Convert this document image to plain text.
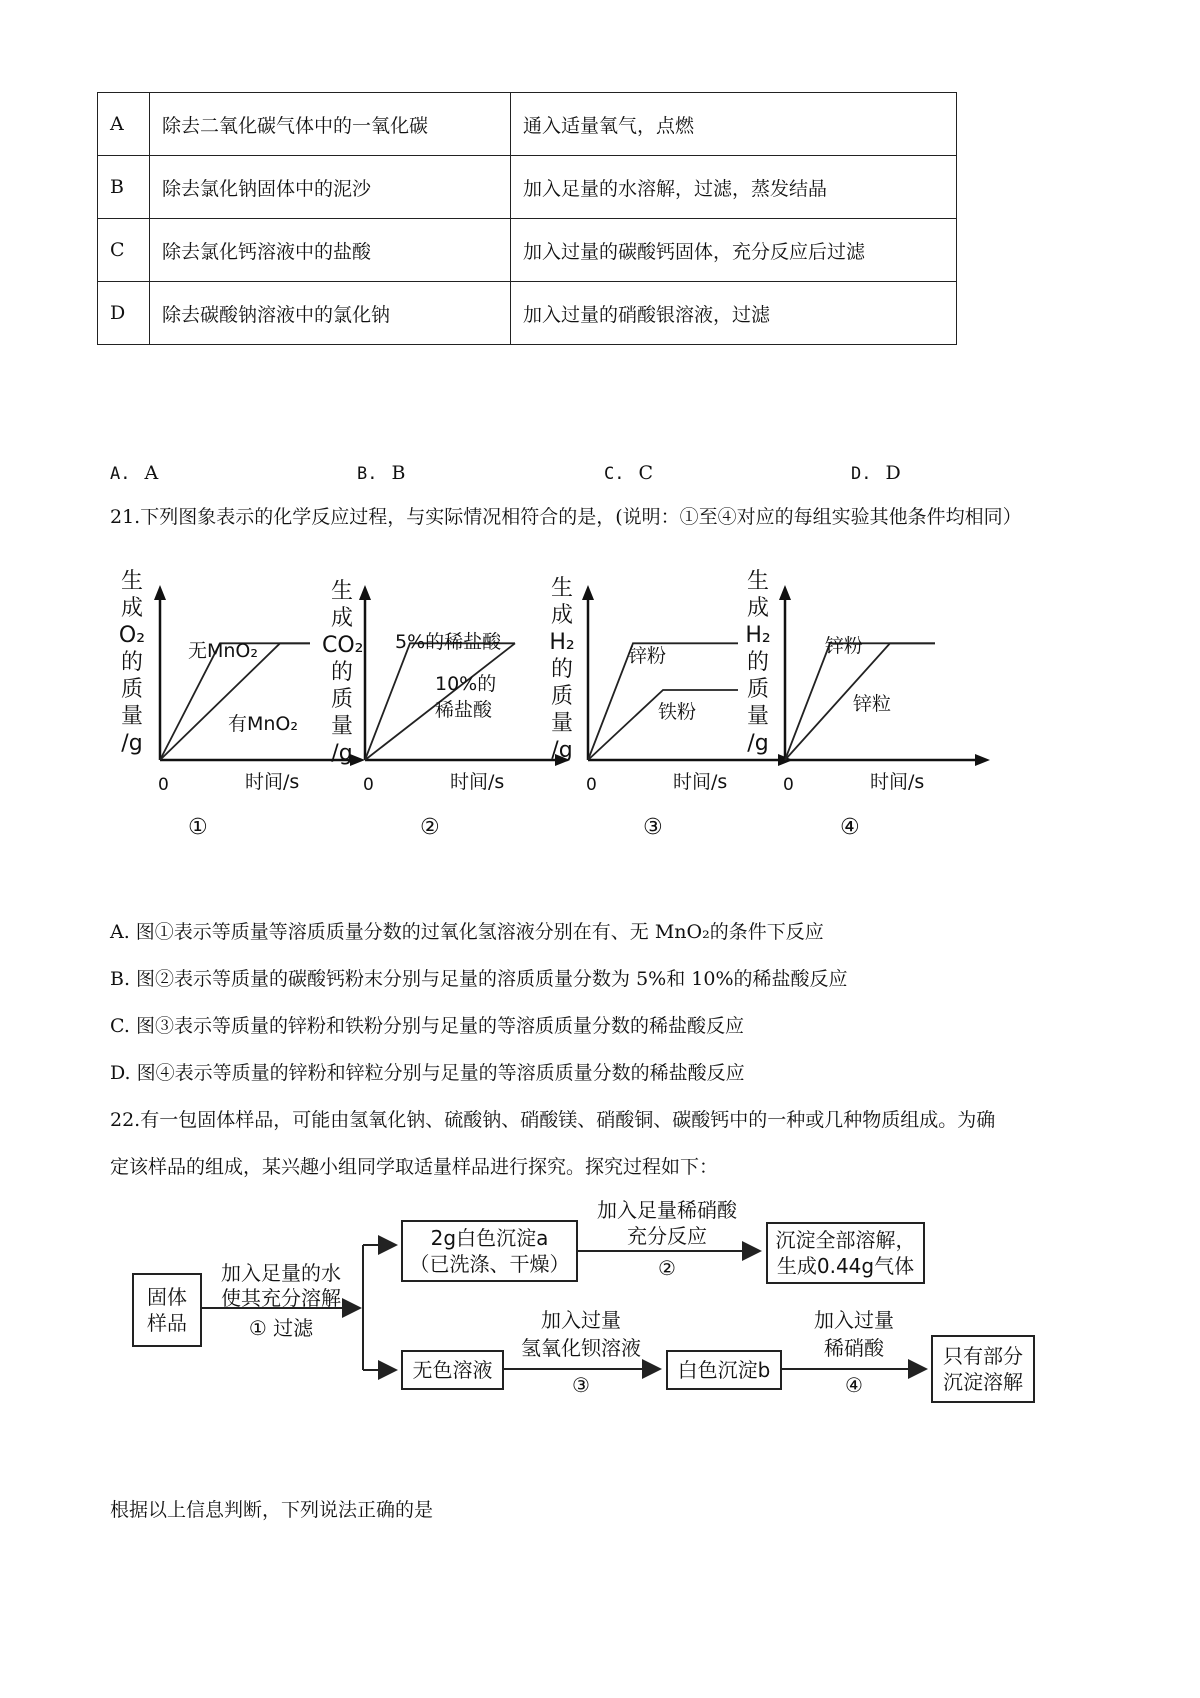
A	除去二氧化碳气体中的一氧化碳	通入适量氧气，点燃
B	除去氯化钠固体中的泥沙	加入足量的水溶解，过滤，蒸发结晶
C	除去氯化钙溶液中的盐酸	加入过量的碳酸钙固体，充分反应后过滤
D	除去碳酸钠溶液中的氯化钠	加入过量的硝酸银溶液，过滤
A. A	B. B	C. C	D. D
21.下列图象表示的化学反应过程，与实际情况相符合的是，(说明：①至④对应的每组实验其他条件均相同）
无MnO₂
有MnO₂
0	时间/s
生
成
O₂
的
质
量
/g
①
5%的稀盐酸
10%的
稀盐酸
0	时间/s
生
成
CO₂
的
质
量
/g
②
锌粉
铁粉
0	时间/s
生
成
H₂
的
质
量
/g
③
锌粉
锌粒
0	时间/s
生
成
H₂
的
质
量
/g
④
A. 图①表示等质量等溶质质量分数的过氧化氢溶液分别在有、无 MnO₂的条件下反应
B. 图②表示等质量的碳酸钙粉末分别与足量的溶质质量分数为 5%和 10%的稀盐酸反应
C. 图③表示等质量的锌粉和铁粉分别与足量的等溶质质量分数的稀盐酸反应
D. 图④表示等质量的锌粉和锌粒分别与足量的等溶质质量分数的稀盐酸反应
22.有一包固体样品，可能由氢氧化钠、硫酸钠、硝酸镁、硝酸铜、碳酸钙中的一种或几种物质组成。为确
定该样品的组成，某兴趣小组同学取适量样品进行探究。探究过程如下：
固体
样品
加入足量的水
使其充分溶解
① 过滤
2g白色沉淀a
（已洗涤、干燥）
加入足量稀硝酸
充分反应
②
沉淀全部溶解，
生成0.44g气体
无色溶液
加入过量
氢氧化钡溶液
③
白色沉淀b
加入过量
稀硝酸
④
只有部分
沉淀溶解
根据以上信息判断，下列说法正确的是
